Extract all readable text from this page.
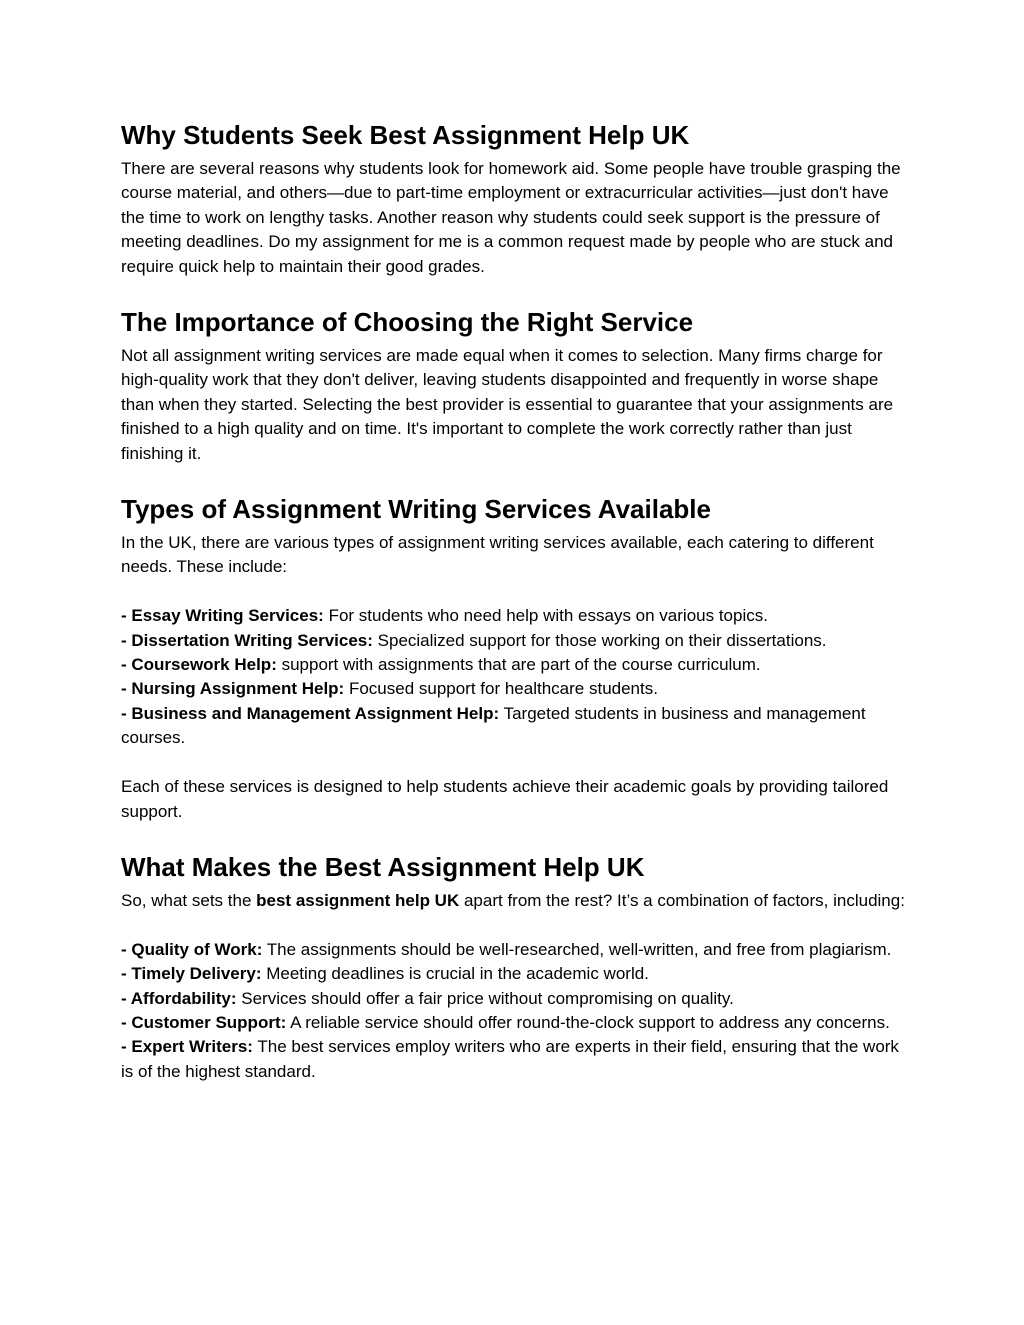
Why Students Seek Best Assignment Help UK

There are several reasons why students look for homework aid. Some people have trouble grasping the course material, and others—due to part-time employment or extracurricular activities—just don't have the time to work on lengthy tasks. Another reason why students could seek support is the pressure of meeting deadlines. Do my assignment for me is a common request made by people who are stuck and require quick help to maintain their good grades.

The Importance of Choosing the Right Service

Not all assignment writing services are made equal when it comes to selection. Many firms charge for high-quality work that they don't deliver, leaving students disappointed and frequently in worse shape than when they started. Selecting the best provider is essential to guarantee that your assignments are finished to a high quality and on time. It's important to complete the work correctly rather than just finishing it.

Types of Assignment Writing Services Available

In the UK, there are various types of assignment writing services available, each catering to different needs. These include:

- Essay Writing Services: For students who need help with essays on various topics.

- Dissertation Writing Services: Specialized support for those working on their dissertations.

- Coursework Help: support with assignments that are part of the course curriculum.

- Nursing Assignment Help: Focused support for healthcare students.

- Business and Management Assignment Help: Targeted students in business and management courses.

Each of these services is designed to help students achieve their academic goals by providing tailored support.

What Makes the Best Assignment Help UK

So, what sets the best assignment help UK apart from the rest? It’s a combination of factors, including:

- Quality of Work: The assignments should be well-researched, well-written, and free from plagiarism.

- Timely Delivery: Meeting deadlines is crucial in the academic world.

- Affordability: Services should offer a fair price without compromising on quality.

- Customer Support: A reliable service should offer round-the-clock support to address any concerns.

- Expert Writers: The best services employ writers who are experts in their field, ensuring that the work is of the highest standard.
